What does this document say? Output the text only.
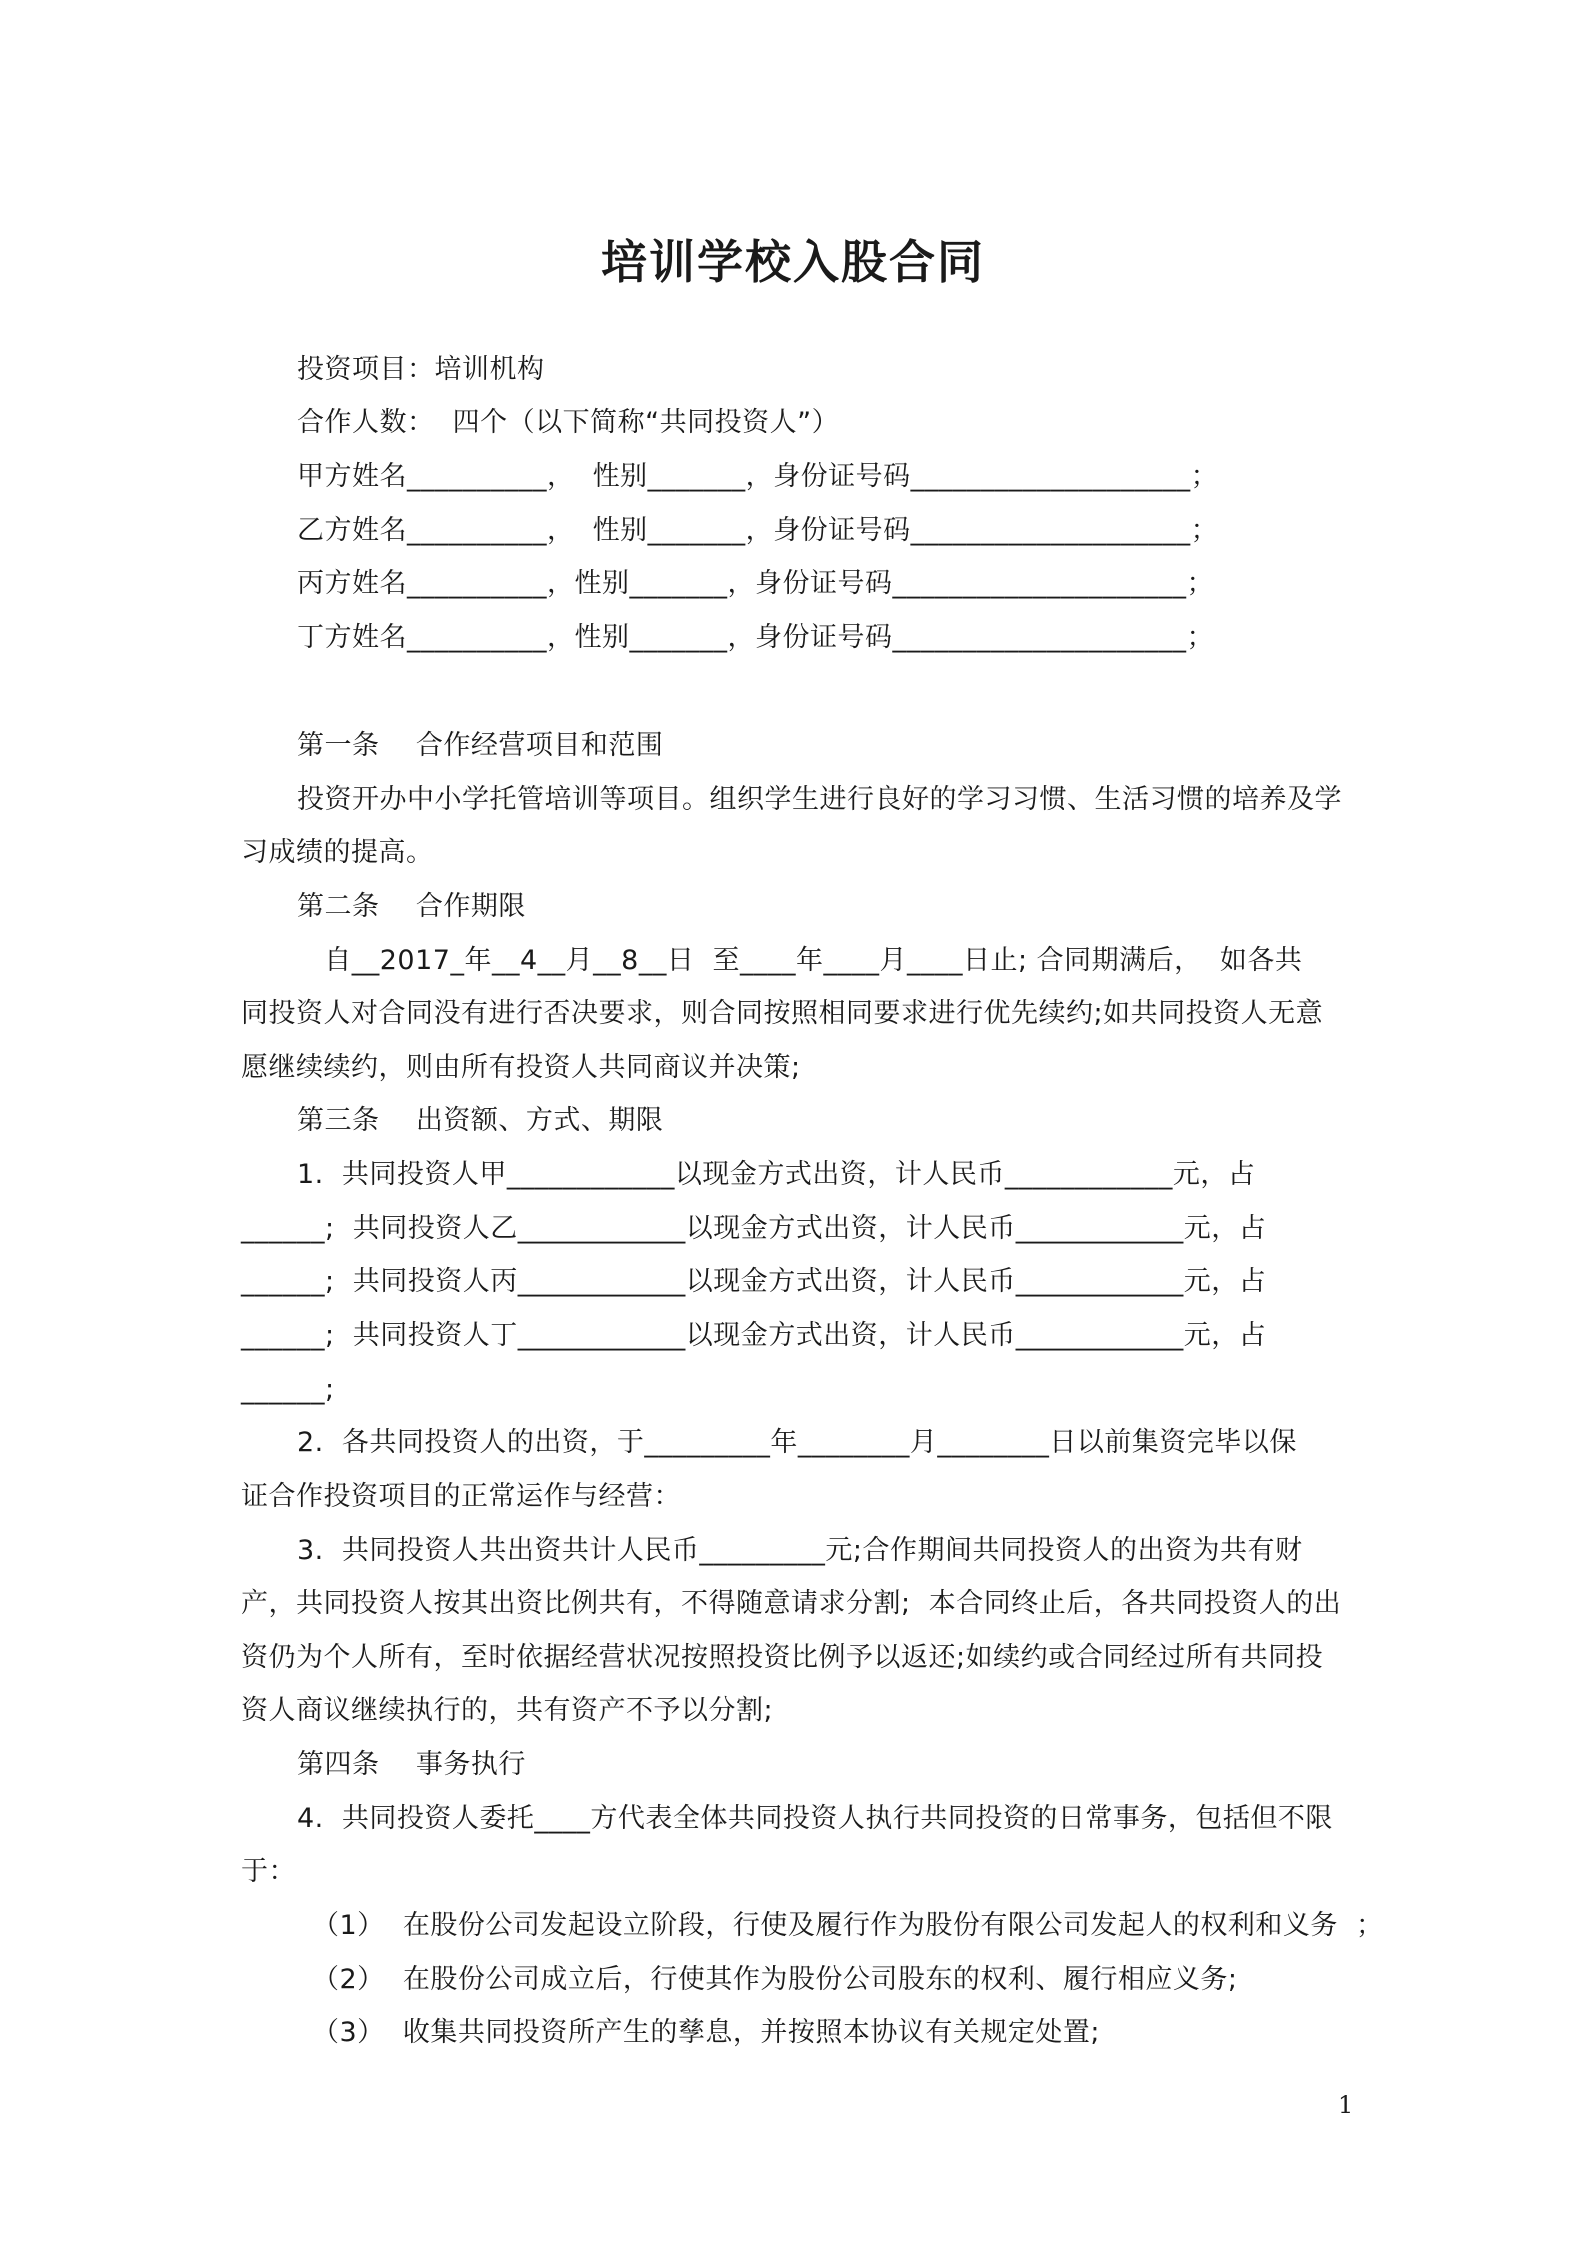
培训学校入股合同
投资项目：培训机构
合作人数：  四个（以下简称“共同投资人”）
甲方姓名__________，  性别_______，身份证号码____________________；
乙方姓名__________，  性别_______，身份证号码____________________；
丙方姓名__________，性别_______，身份证号码_____________________；
丁方姓名__________，性别_______，身份证号码_____________________；
第一条    合作经营项目和范围
投资开办中小学托管培训等项目。组织学生进行良好的学习习惯、生活习惯的培养及学
习成绩的提高。
第二条    合作期限
自__2017_年__4__月__8__日  至____年____月____日止; 合同期满后，  如各共
同投资人对合同没有进行否决要求，则合同按照相同要求进行优先续约;如共同投资人无意
愿继续续约，则由所有投资人共同商议并决策;
第三条    出资额、方式、期限
1.  共同投资人甲____________以现金方式出资，计人民币____________元，占
______;  共同投资人乙____________以现金方式出资，计人民币____________元，占
______;  共同投资人丙____________以现金方式出资，计人民币____________元，占
______;  共同投资人丁____________以现金方式出资，计人民币____________元，占
______;
2.  各共同投资人的出资，于_________年________月________日以前集资完毕以保
证合作投资项目的正常运作与经营：
3.  共同投资人共出资共计人民币_________元;合作期间共同投资人的出资为共有财
产，共同投资人按其出资比例共有，不得随意请求分割;  本合同终止后，各共同投资人的出
资仍为个人所有，至时依据经营状况按照投资比例予以返还;如续约或合同经过所有共同投
资人商议继续执行的，共有资产不予以分割;
第四条    事务执行
4.  共同投资人委托____方代表全体共同投资人执行共同投资的日常事务，包括但不限
于：
（1）  在股份公司发起设立阶段，行使及履行作为股份有限公司发起人的权利和义务  ；
（2）  在股份公司成立后，行使其作为股份公司股东的权利、履行相应义务;
（3）  收集共同投资所产生的孳息，并按照本协议有关规定处置;
1
